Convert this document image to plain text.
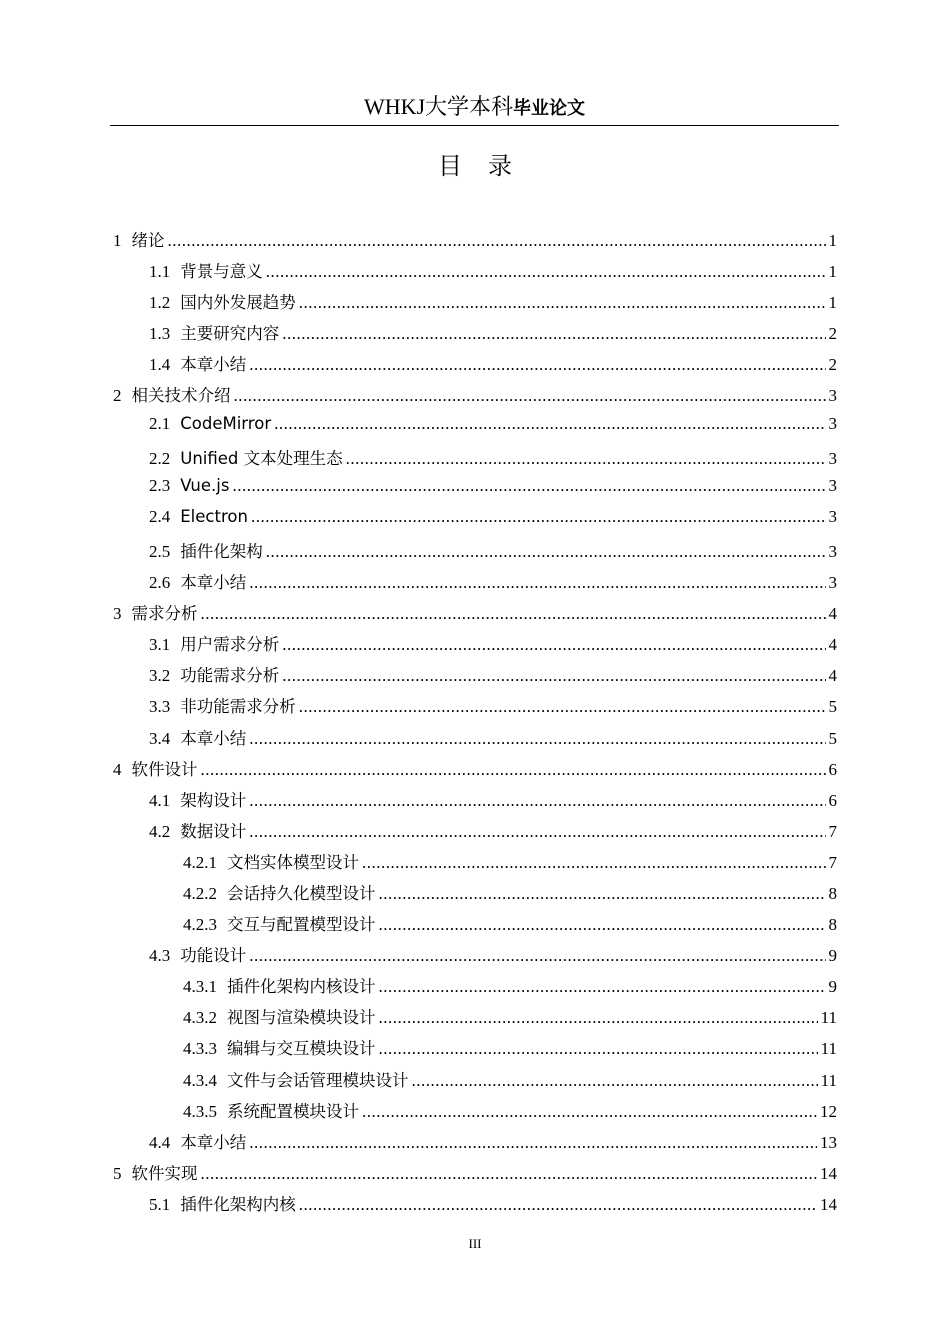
WHKJ大学本科毕业论文
目录
1 绪论 .....	1
1.1 背景与意义 .....	1
1.2 国内外发展趋势 .....	1
1.3 主要研究内容 .....	2
1.4 本章小结 .....	2
2 相关技术介绍 .....	3
2.1 CodeMirror .....	3
2.2 Unified 文本处理生态 .....	3
2.3 Vue.js .....	3
2.4 Electron .....	3
2.5 插件化架构 .....	3
2.6 本章小结 .....	3
3 需求分析 .....	4
3.1 用户需求分析 .....	4
3.2 功能需求分析 .....	4
3.3 非功能需求分析 .....	5
3.4 本章小结 .....	5
4 软件设计 .....	6
4.1 架构设计 .....	6
4.2 数据设计 .....	7
4.2.1 文档实体模型设计 .....	7
4.2.2 会话持久化模型设计 .....	8
4.2.3 交互与配置模型设计 .....	8
4.3 功能设计 .....	9
4.3.1 插件化架构内核设计 .....	9
4.3.2 视图与渲染模块设计 .....	11
4.3.3 编辑与交互模块设计 .....	11
4.3.4 文件与会话管理模块设计 .....	11
4.3.5 系统配置模块设计 .....	12
4.4 本章小结 .....	13
5 软件实现 .....	14
5.1 插件化架构内核 .....	14
III
